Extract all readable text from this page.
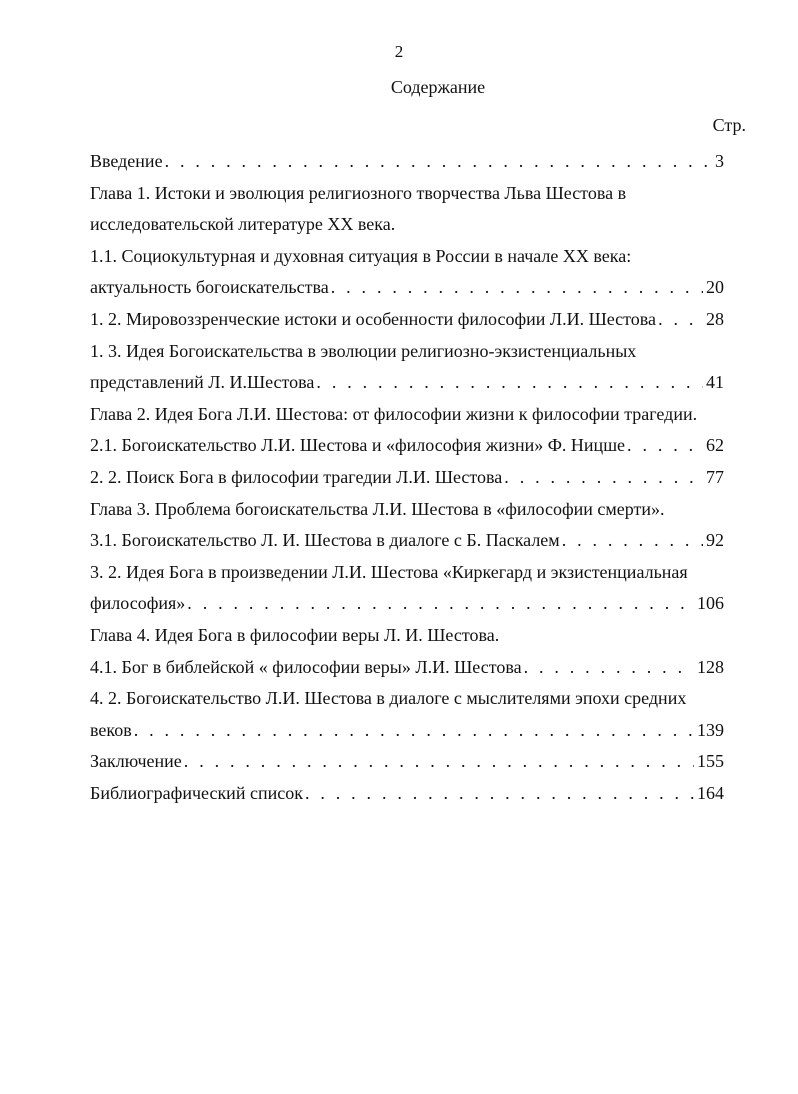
2
Содержание
Стр.
Введение . . .	3
Глава 1. Истоки и эволюция религиозного творчества Льва Шестова в
исследовательской литературе XX века.
1.1. Социокультурная и духовная ситуация в России в начале XX века:
актуальность богоискательства . . .	20
1. 2. Мировоззренческие истоки и особенности философии Л.И. Шестова . . .	28
1. 3. Идея Богоискательства в эволюции религиозно-экзистенциальных
представлений Л. И.Шестова . . .	41
Глава 2. Идея Бога Л.И. Шестова: от философии жизни к философии трагедии.
2.1. Богоискательство Л.И. Шестова и «философия жизни» Ф. Ницше . . .	62
2. 2. Поиск Бога в философии трагедии Л.И. Шестова . . .	77
Глава 3. Проблема богоискательства Л.И. Шестова в «философии смерти».
3.1. Богоискательство Л. И. Шестова в диалоге с Б. Паскалем . . .	92
3. 2. Идея Бога в произведении Л.И. Шестова «Киркегард и экзистенциальная
философия» . . .	106
Глава 4. Идея Бога в философии веры Л. И. Шестова.
4.1. Бог в библейской « философии веры» Л.И. Шестова . . .	128
4. 2. Богоискательство Л.И. Шестова в диалоге с мыслителями эпохи средних
веков . . .	139
Заключение . . .	155
Библиографический список . . .	164
